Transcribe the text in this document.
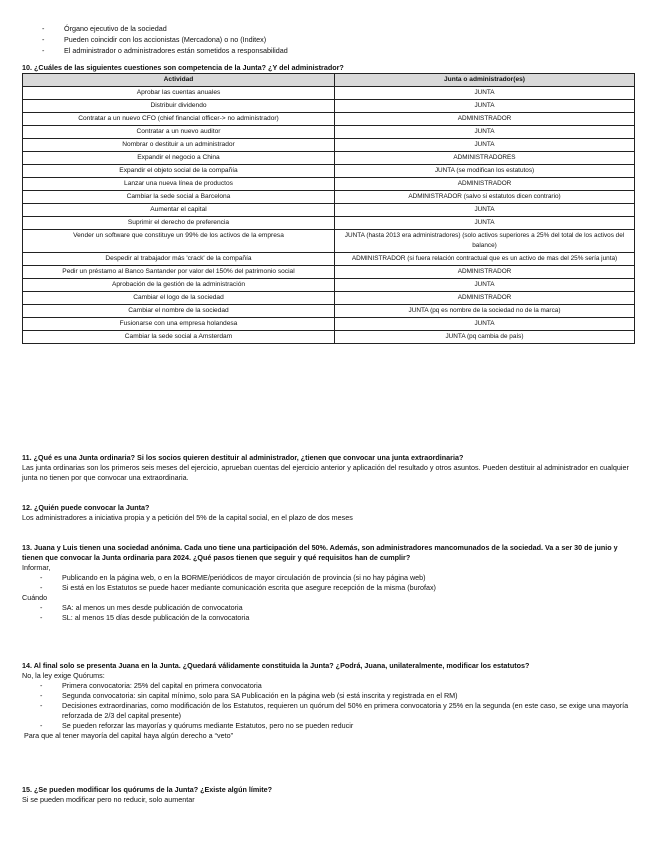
- Órgano ejecutivo de la sociedad
- Pueden coincidir con los accionistas (Mercadona) o no (Inditex)
- El administrador o administradores están sometidos a responsabilidad
10. ¿Cuáles de las siguientes cuestiones son competencia de la Junta? ¿Y del administrador?
Actividad	Junta o administrador(es)
Aprobar las cuentas anuales	JUNTA
Distribuir dividendo	JUNTA
Contratar a un nuevo CFO (chief financial officer-> no administrador)	ADMINISTRADOR
Contratar a un nuevo auditor	JUNTA
Nombrar o destituir a un administrador	JUNTA
Expandir el negocio a China	ADMINISTRADORES
Expandir el objeto social de la compañía	JUNTA (se modifican los estatutos)
Lanzar una nueva línea de productos	ADMINISTRADOR
Cambiar la sede social a Barcelona	ADMINISTRADOR (salvo si estatutos dicen contrario)
Aumentar el capital	JUNTA
Suprimir el derecho de preferencia	JUNTA
Vender un software que constituye un 99% de los activos de la empresa	JUNTA (hasta 2013 era administradores) (solo activos superiores a 25% del total de los activos del balance)
Despedir al trabajador más 'crack' de la compañía	ADMINISTRADOR (si fuera relación contractual que es un activo de mas del 25% sería junta)
Pedir un préstamo al Banco Santander por valor del 150% del patrimonio social	ADMINISTRADOR
Aprobación de la gestión de la administración	JUNTA
Cambiar el logo de la sociedad	ADMINISTRADOR
Cambiar el nombre de la sociedad	JUNTA (pq es nombre de la sociedad no de la marca)
Fusionarse con una empresa holandesa	JUNTA
Cambiar la sede social a Amsterdam	JUNTA (pq cambia de país)
11. ¿Qué es una Junta ordinaria? Si los socios quieren destituir al administrador, ¿tienen que convocar una junta extraordinaria?
Las junta ordinarias son los primeros seis meses del ejercicio, aprueban cuentas del ejercicio anterior y aplicación del resultado y otros asuntos. Pueden destituir al administrador en cualquier junta no tienen por que convocar una extraordinaria.
12. ¿Quién puede convocar la Junta?
Los administradores a iniciativa propia y a petición del 5% de la capital social, en el plazo de dos meses
13. Juana y Luis tienen una sociedad anónima. Cada uno tiene una participación del 50%. Además, son administradores mancomunados de la sociedad. Va a ser 30 de junio y tienen que convocar la Junta ordinaria para 2024. ¿Qué pasos tienen que seguir y qué requisitos han de cumplir?
Informar,
- Publicando en la página web, o en la BORME/periódicos de mayor circulación de provincia (si no hay página web)
- Si está en los Estatutos se puede hacer mediante comunicación escrita que asegure recepción de la misma (burofax)
Cuándo
- SA: al menos un mes desde publicación de convocatoria
- SL: al menos 15 días desde publicación de la convocatoria
14. Al final solo se presenta Juana en la Junta. ¿Quedará válidamente constituida la Junta? ¿Podrá, Juana, unilateralmente, modificar los estatutos?
No, la ley exige Quórums:
- Primera convocatoria: 25% del capital en primera convocatoria
- Segunda convocatoria: sin capital mínimo, solo para SA Publicación en la página web (si está inscrita y registrada en el RM)
- Decisiones extraordinarias, como modificación de los Estatutos, requieren un quórum del 50% en primera convocatoria y 25% en la segunda (en este caso, se exige una mayoría reforzada de 2/3 del capital presente)
- Se pueden reforzar las mayorías y quórums mediante Estatutos, pero no se pueden reducir
Para que al tener mayoría del capital haya algún derecho a “veto”
15. ¿Se pueden modificar los quórums de la Junta? ¿Existe algún límite?
Si se pueden modificar pero no reducir, solo aumentar
